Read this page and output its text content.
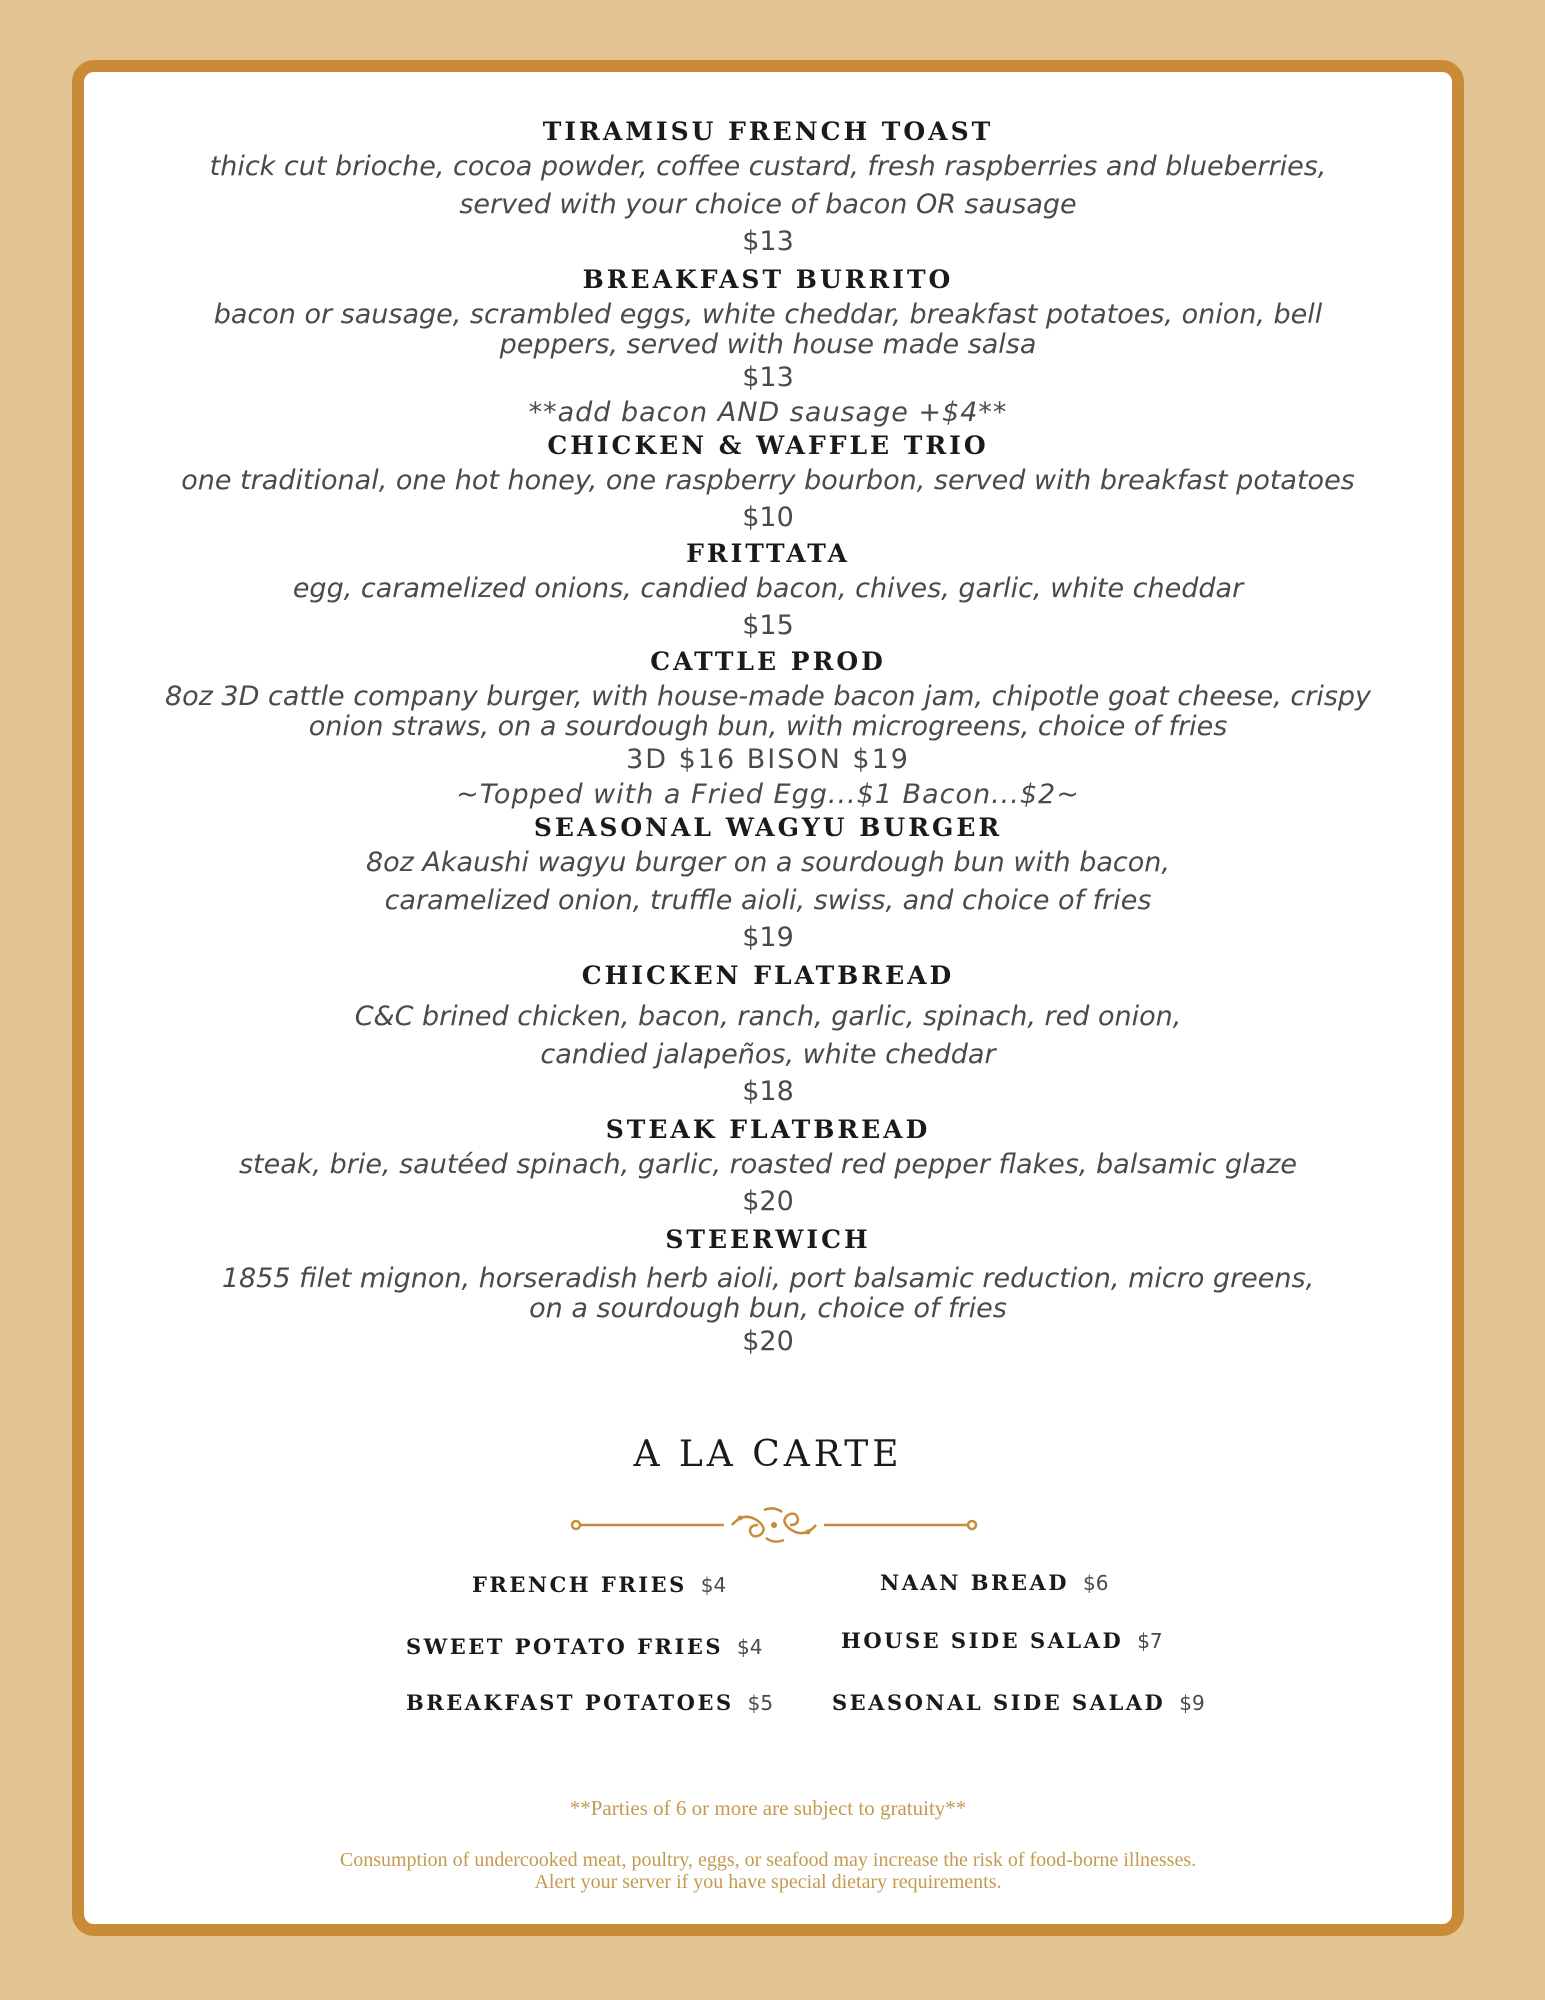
TIRAMISU FRENCH TOAST
thick cut brioche, cocoa powder, coffee custard, fresh raspberries and blueberries,
served with your choice of bacon OR sausage
$13
BREAKFAST BURRITO
bacon or sausage, scrambled eggs, white cheddar, breakfast potatoes, onion, bell
peppers, served with house made salsa
$13
**add bacon AND sausage +$4**
CHICKEN & WAFFLE TRIO
one traditional, one hot honey, one raspberry bourbon, served with breakfast potatoes
$10
FRITTATA
egg, caramelized onions, candied bacon, chives, garlic, white cheddar
$15
CATTLE PROD
8oz 3D cattle company burger, with house-made bacon jam, chipotle goat cheese, crispy
onion straws, on a sourdough bun, with microgreens, choice of fries
3D $16 BISON $19
~Topped with a Fried Egg...$1 Bacon...$2~
SEASONAL WAGYU BURGER
8oz Akaushi wagyu burger on a sourdough bun with bacon,
caramelized onion, truffle aioli, swiss, and choice of fries
$19
CHICKEN FLATBREAD
C&C brined chicken, bacon, ranch, garlic, spinach, red onion,
candied jalapeños, white cheddar
$18
STEAK FLATBREAD
steak, brie, sautéed spinach, garlic, roasted red pepper flakes, balsamic glaze
$20
STEERWICH
1855 filet mignon, horseradish herb aioli, port balsamic reduction, micro greens,
on a sourdough bun, choice of fries
$20
A LA CARTE
FRENCH FRIES $4	NAAN BREAD $6
SWEET POTATO FRIES $4	HOUSE SIDE SALAD $7
BREAKFAST POTATOES $5	SEASONAL SIDE SALAD $9
**Parties of 6 or more are subject to gratuity**
Consumption of undercooked meat, poultry, eggs, or seafood may increase the risk of food-borne illnesses.
Alert your server if you have special dietary requirements.
